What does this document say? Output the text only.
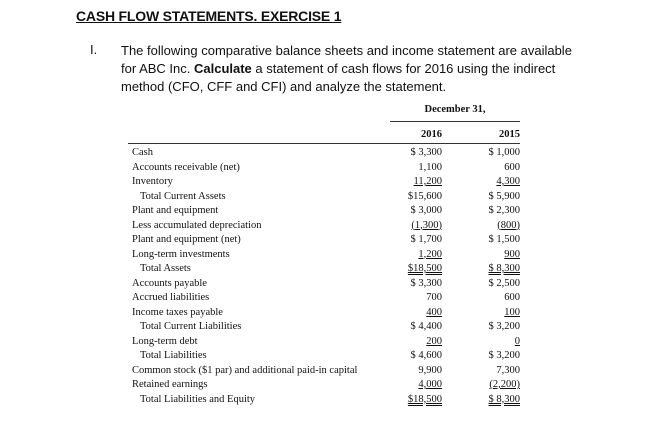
CASH FLOW STATEMENTS. EXERCISE 1
I. The following comparative balance sheets and income statement are available
for ABC Inc. Calculate a statement of cash flows for 2016 using the indirect
method (CFO, CFF and CFI) and analyze the statement.
December 31,
2016	2015
Cash	$ 3,300	$ 1,000
Accounts receivable (net)	1,100	600
Inventory	11,200	4,300
Total Current Assets	$15,600	$ 5,900
Plant and equipment	$ 3,000	$ 2,300
Less accumulated depreciation	(1,300)	(800)
Plant and equipment (net)	$ 1,700	$ 1,500
Long-term investments	1,200	900
Total Assets	$18,500	$ 8,300
Accounts payable	$ 3,300	$ 2,500
Accrued liabilities	700	600
Income taxes payable	400	100
Total Current Liabilities	$ 4,400	$ 3,200
Long-term debt	200	0
Total Liabilities	$ 4,600	$ 3,200
Common stock ($1 par) and additional paid-in capital	9,900	7,300
Retained earnings	4,000	(2,200)
Total Liabilities and Equity	$18,500	$ 8,300
